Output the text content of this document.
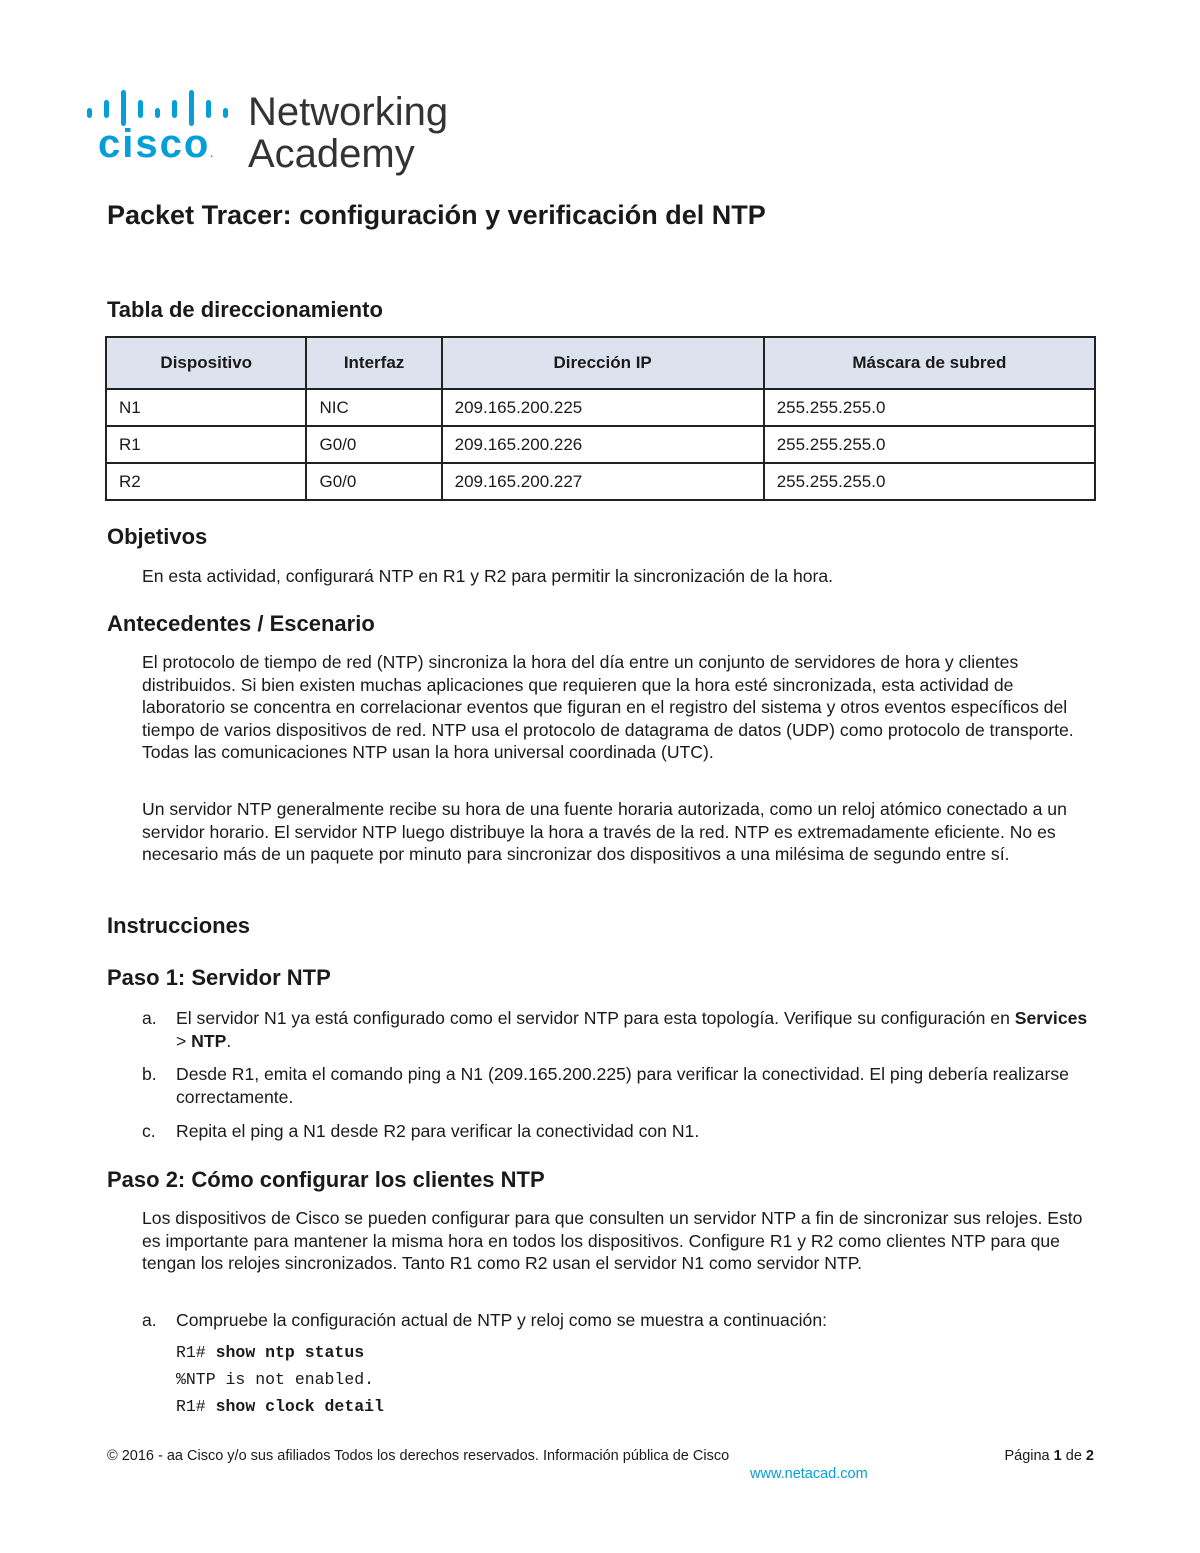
cisco.
Networking
Academy
Packet Tracer: configuración y verificación del NTP
Tabla de direccionamiento
Dispositivo	Interfaz	Dirección IP	Máscara de subred
N1	NIC	209.165.200.225	255.255.255.0
R1	G0/0	209.165.200.226	255.255.255.0
R2	G0/0	209.165.200.227	255.255.255.0
Objetivos

En esta actividad, configurará NTP en R1 y R2 para permitir la sincronización de la hora.

Antecedentes / Escenario

El protocolo de tiempo de red (NTP) sincroniza la hora del día entre un conjunto de servidores de hora y clientes distribuidos. Si bien existen muchas aplicaciones que requieren que la hora esté sincronizada, esta actividad de laboratorio se concentra en correlacionar eventos que figuran en el registro del sistema y otros eventos específicos del tiempo de varios dispositivos de red. NTP usa el protocolo de datagrama de datos (UDP) como protocolo de transporte. Todas las comunicaciones NTP usan la hora universal coordinada (UTC).

Un servidor NTP generalmente recibe su hora de una fuente horaria autorizada, como un reloj atómico conectado a un servidor horario. El servidor NTP luego distribuye la hora a través de la red. NTP es extremadamente eficiente. No es necesario más de un paquete por minuto para sincronizar dos dispositivos a una milésima de segundo entre sí.

Instrucciones
Paso 1: Servidor NTP
a. El servidor N1 ya está configurado como el servidor NTP para esta topología. Verifique su configuración en Services > NTP.
b. Desde R1, emita el comando ping a N1 (209.165.200.225) para verificar la conectividad. El ping debería realizarse correctamente.
c. Repita el ping a N1 desde R2 para verificar la conectividad con N1.
Paso 2: Cómo configurar los clientes NTP

Los dispositivos de Cisco se pueden configurar para que consulten un servidor NTP a fin de sincronizar sus relojes. Esto es importante para mantener la misma hora en todos los dispositivos. Configure R1 y R2 como clientes NTP para que tengan los relojes sincronizados. Tanto R1 como R2 usan el servidor N1 como servidor NTP.

a. Compruebe la configuración actual de NTP y reloj como se muestra a continuación:
R1# show ntp status
%NTP is not enabled.
R1# show clock detail
© 2016 - aa Cisco y/o sus afiliados Todos los derechos reservados. Información pública de Cisco	Página 1 de 2
www.netacad.com
